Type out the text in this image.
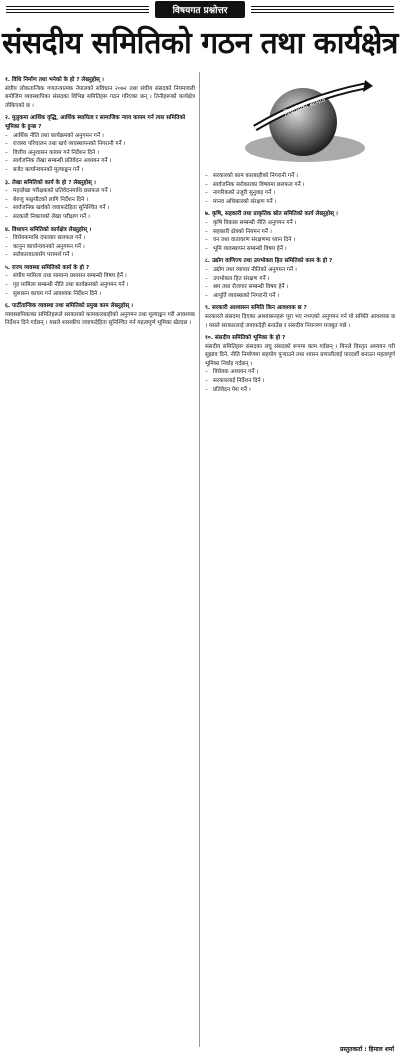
विषयगत प्रश्नोत्तर
संसदीय समितिको गठन तथा कार्यक्षेत्र
विधायिकी समिति
१. विधि निर्माण तथा भनेको के हो ? लेख्नुहोस् ।
संघीय लोकतान्त्रिक गणतन्त्रात्मक नेपालको संविधान २०७२ तथा संघीय संसदको नियमावली बमोजिम व्यवस्थापिका संसदका विभिन्न समितिहरू गठन गरिएका छन् । तिनीहरूको कार्यक्षेत्र तोकिएको छ ।
२. मुलुकमा आर्थिक वृद्धि, आर्थिक स्थायित्व र सामाजिक न्याय कायम गर्न त्यस समितिको भूमिका के हुन्छ ?
– आर्थिक नीति तथा कार्यक्रमको अनुगमन गर्ने ।
– राजस्व परिचालन तथा खर्च व्यवस्थापनको निगरानी गर्ने ।
– वित्तीय अनुशासन कायम गर्न निर्देशन दिने ।
– सार्वजनिक लेखा सम्बन्धी प्रतिवेदन अध्ययन गर्ने ।
– बजेट कार्यान्वयनको मूल्याङ्कन गर्ने ।
३. लेखा समितिको कार्य के हो ? लेख्नुहोस् ।
– महालेखा परीक्षकको प्रतिवेदनमाथि छलफल गर्ने ।
– बेरुजु फछ्र्यौटको लागि निर्देशन दिने ।
– सार्वजनिक खर्चको जवाफदेहिता सुनिश्चित गर्ने ।
– सरकारी निकायको लेखा परीक्षण गर्ने ।
४. विधायन समितिको कार्यक्षेत्र लेख्नुहोस् ।
– विधेयकमाथि दफावार छलफल गर्ने ।
– कानुन कार्यान्वयनको अनुगमन गर्ने ।
– सरोकारवालासँग परामर्श गर्ने ।
५. राज्य व्यवस्था समितिको कार्य के हो ?
– संघीय मामिला तथा सामान्य प्रशासन सम्बन्धी विषय हेर्ने ।
– गृह मामिला सम्बन्धी नीति तथा कार्यक्रमको अनुगमन गर्ने ।
– सुशासन कायम गर्न आवश्यक निर्देशन दिने ।
६. पार्टीतान्त्रिक व्यवस्था तथा समितिको प्रमुख काम लेख्नुहोस् ।
व्यवस्थापिकाका समितिहरूले सरकारको कामकारबाहीको अनुगमन तथा मूल्याङ्कन गरी आवश्यक निर्देशन दिने गर्दछन् । यसले शासकीय जवाफदेहिता सुनिश्चित गर्न महत्वपूर्ण भूमिका खेल्दछ ।
– सरकारको काम कारबाहीको निगरानी गर्ने ।
– सार्वजनिक सरोकारका विषयमा छलफल गर्ने ।
– नागरिकको उजुरी सुनुवाइ गर्ने ।
– मानव अधिकारको संरक्षण गर्ने ।
७. कृषि, सहकारी तथा प्राकृतिक स्रोत समितिको कार्य लेख्नुहोस् ।
– कृषि विकास सम्बन्धी नीति अनुगमन गर्ने ।
– सहकारी क्षेत्रको नियमन गर्ने ।
– वन तथा वातावरण संरक्षणमा ध्यान दिने ।
– भूमि व्यवस्थापन सम्बन्धी विषय हेर्ने ।
८. उद्योग वाणिज्य तथा उपभोक्ता हित समितिको काम के हो ?
– उद्योग तथा व्यापार नीतिको अनुगमन गर्ने ।
– उपभोक्ता हित संरक्षण गर्ने ।
– श्रम तथा रोजगार सम्बन्धी विषय हेर्ने ।
– आपूर्ति व्यवस्थाको निगरानी गर्ने ।
९. सरकारी आश्वासन समिति किन आवश्यक छ ?
सरकारले संसदमा दिएका आश्वासनहरू पूरा भए नभएको अनुगमन गर्न यो समिति आवश्यक छ । यसले सरकारलाई जवाफदेही बनाउँछ र संसदीय नियन्त्रण मजबुत गर्छ ।
१०. संसदीय समितिको भूमिका के हो ?
संसदीय समितिहरू संसदका लघु संसदको रूपमा काम गर्दछन् । यिनले विस्तृत अध्ययन गरी सुझाव दिने, नीति निर्माणमा सहयोग पुर्‍याउने तथा शासन प्रणालीलाई पारदर्शी बनाउन महत्वपूर्ण भूमिका निर्वाह गर्दछन् ।
– विधेयक अध्ययन गर्ने ।
– सरकारलाई निर्देशन दिने ।
– प्रतिवेदन पेश गर्ने ।
प्रस्तुतकर्ता : हिमाल शर्मा
